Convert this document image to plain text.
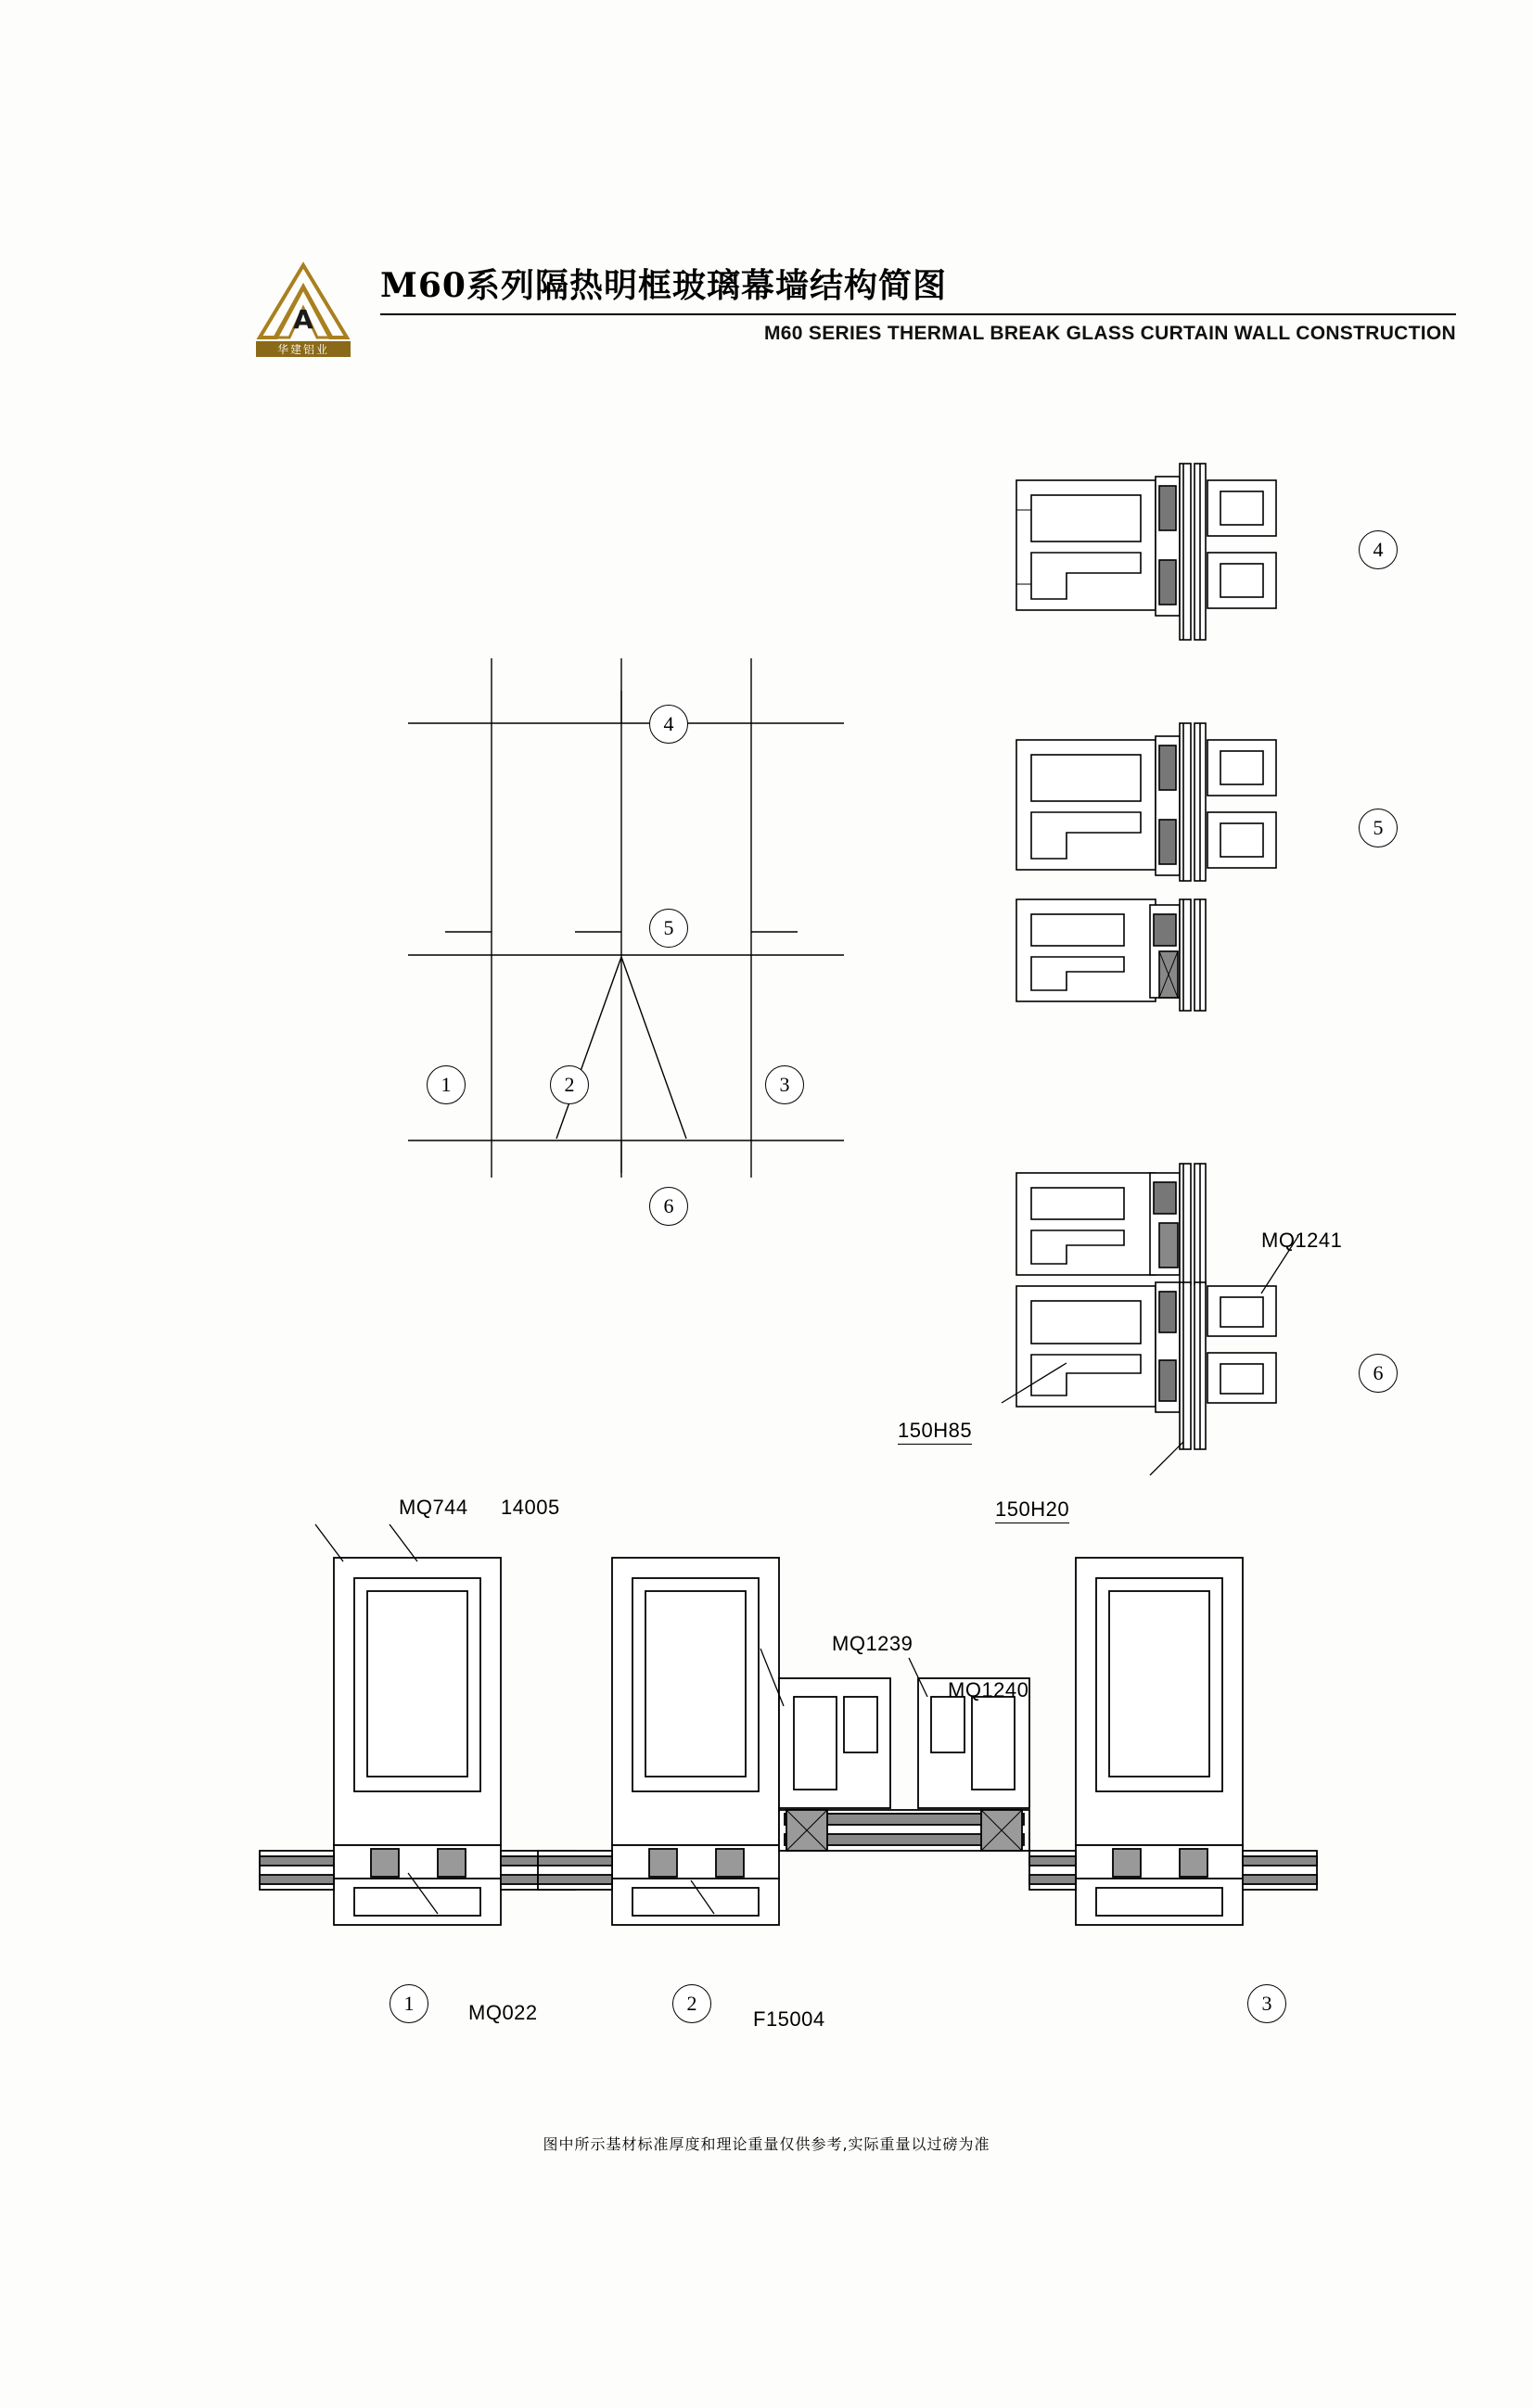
A
华建铝业
M60系列隔热明框玻璃幕墙结构简图
M60 SERIES THERMAL BREAK GLASS CURTAIN WALL CONSTRUCTION
4
5
6
1	2	3
4
5
6
MQ1241
150H85
150H20
MQ744 14005
MQ1239
MQ1240
MQ022	F15004
1	2	3
图中所示基材标准厚度和理论重量仅供参考,实际重量以过磅为准
